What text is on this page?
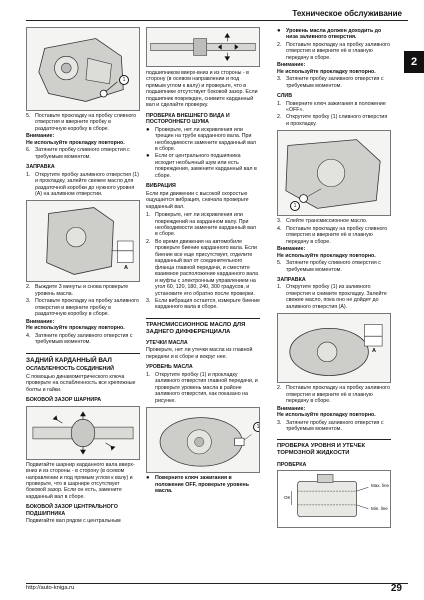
Техническое обслуживание
2
1
5. Поставьте прокладку на пробку сливного отверстия и вверните пробку в раздаточную коробку в сборе.
Внимание:
Не используйте прокладку повторно.
6. Затяните пробку сливного отверстия с требуемым моментом.
ЗАПРАВКА
1. Открутите пробку заливного отверстия (1) и прокладку, залейте свежее масло для раздаточной коробки до нужного уровня (A) на заливном отверстии.
A
2. Выждите 3 минуты и снова проверьте уровень масла.
3. Поставьте прокладку на пробку заливного отверстия и вверните пробку в раздаточную коробку в сборе.
Внимание:
Не используйте прокладку повторно.
4. Затяните пробку заливного отверстия с требуемым моментом.
ЗАДНИЙ КАРДАННЫЙ ВАЛ
ОСЛАБЛЕННОСТЬ СОЕДИНЕНИЙ

С помощью динамометрического ключа проверьте на ослабленность все крепежные болты и гайки.

БОКОВОЙ ЗАЗОР ШАРНИРА

Подвигайте шарнир карданного вала вверх-вниз и из стороны - в сторону (в осевом направлении и под прямым углом к валу) и проверьте, что в шарнире отсутствует боковой зазор. Если он есть, замените карданный вал в сборе.

БОКОВОЙ ЗАЗОР ЦЕНТРАЛЬНОГО ПОДШИПНИКА

Подвигайте вал рядом с центральным

подшипником вверх-вниз и из стороны - в сторону (в осевом направлении и под прямым углом к валу) и проверьте, что в подшипнике отсутствует боковой зазор. Если подшипник поврежден, снимите карданный вал и сделайте проверку.

ПРОВЕРКА ВНЕШНЕГО ВИДА И ПОСТОРОННЕГО ШУМА
●	Проверьте, нет ли искривления или трещин на трубе карданного вала. При необходимости замените карданный вал в сборе.
●	Если от центрального подшипника исходит необычный шум или есть повреждения, замените карданный вал в сборе.
ВИБРАЦИЯ

Если при движении с высокой скоростью ощущается вибрация, сначала проверьте карданный вал.

1. Проверьте, нет ли искривления или повреждений на карданном валу. При необходимости замените карданный вал в сборе.
2. Во время движения на автомобиле проверьте биение карданного вала. Если биение все еще присутствует, отделите карданный вал от соединительного фланца главной передачи, и сместите взаимное расположение карданного вала и муфты с электронным управлением на угол 60, 120, 180, 240, 300 градусов, и установите его обратно после проверки.
3. Если вибрация остается, измерьте биение карданного вала в сборе.
ТРАНСМИССИОННОЕ МАСЛО ДЛЯ ЗАДНЕГО ДИФФЕРЕНЦИАЛА
УТЕЧКИ МАСЛА

Проверьте, нет ли утечки масла из главной передачи и в сборе и вокруг нее.

УРОВЕНЬ МАСЛА
1. Открутите пробку (1) и прокладку заливного отверстия главной передачи, и проверьте уровень масла в районе заливного отверстия, как показано на рисунке.
1
●	Поверните ключ зажигания в положение OFF, проверьте уровень масла.
●	Уровень масла должен доходить до низа заливного отверстия.
2. Поставьте прокладку на пробку заливного отверстия и вверните её в главную передачу в сборе.
Внимание:
Не используйте прокладку повторно.
3. Затяните пробку заливного отверстия с требуемым моментом.
СЛИВ
1. Поверните ключ зажигания в положение «OFF».
2. Открутите пробку (1) сливного отверстия и прокладку.
1
3. Слейте трансмиссионное масло.
4. Поставьте прокладку на пробку сливного отверстия и вверните её в главную передачу в сборе.
Внимание:
Не используйте прокладку повторно.
5. Затяните пробку сливного отверстия с требуемым моментом.
ЗАПРАВКА
1. Открутите пробку (1) из заливного отверстия и снимите прокладку. Залейте свежее масло, пока оно не дойдет до заливного отверстия (A).
A
2. Поставьте прокладку на пробку заливного отверстия и вверните её в главную передачу в сборе.
Внимание:
Не используйте прокладку повторно.
3. Затяните пробку заливного отверстия с требуемым моментом.
ПРОВЕРКА УРОВНЯ И УТЕЧЕК ТОРМОЗНОЙ ЖИДКОСТИ
ПРОВЕРКА
Max. line
Min. line
OK
http://auto-kniga.ru	29
